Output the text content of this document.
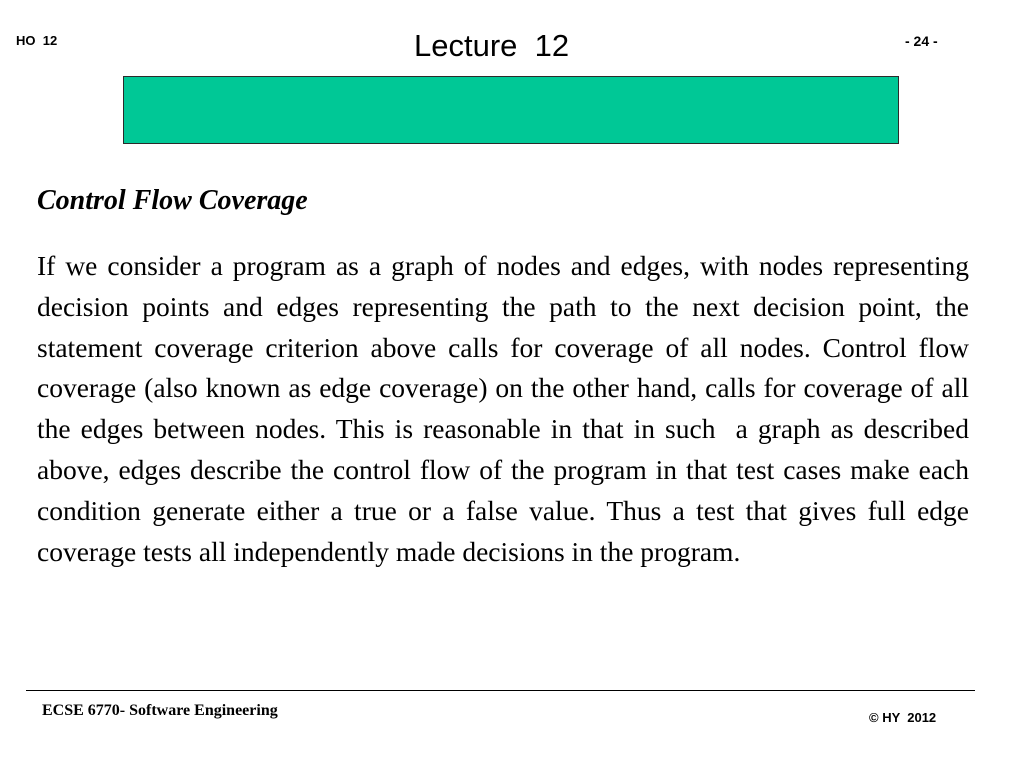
HO  12	Lecture  12	- 24 -
Control Flow Coverage
If we consider a program as a graph of nodes and edges, with nodes representing decision points and edges representing the path to the next decision point, the statement coverage criterion above calls for coverage of all nodes. Control flow coverage (also known as edge coverage) on the other hand, calls for coverage of all the edges between nodes. This is reasonable in that in such  a graph as described above, edges describe the control flow of the program in that test cases make each condition generate either a true or a false value. Thus a test that gives full edge coverage tests all independently made decisions in the program.
ECSE 6770- Software Engineering	© HY  2012
